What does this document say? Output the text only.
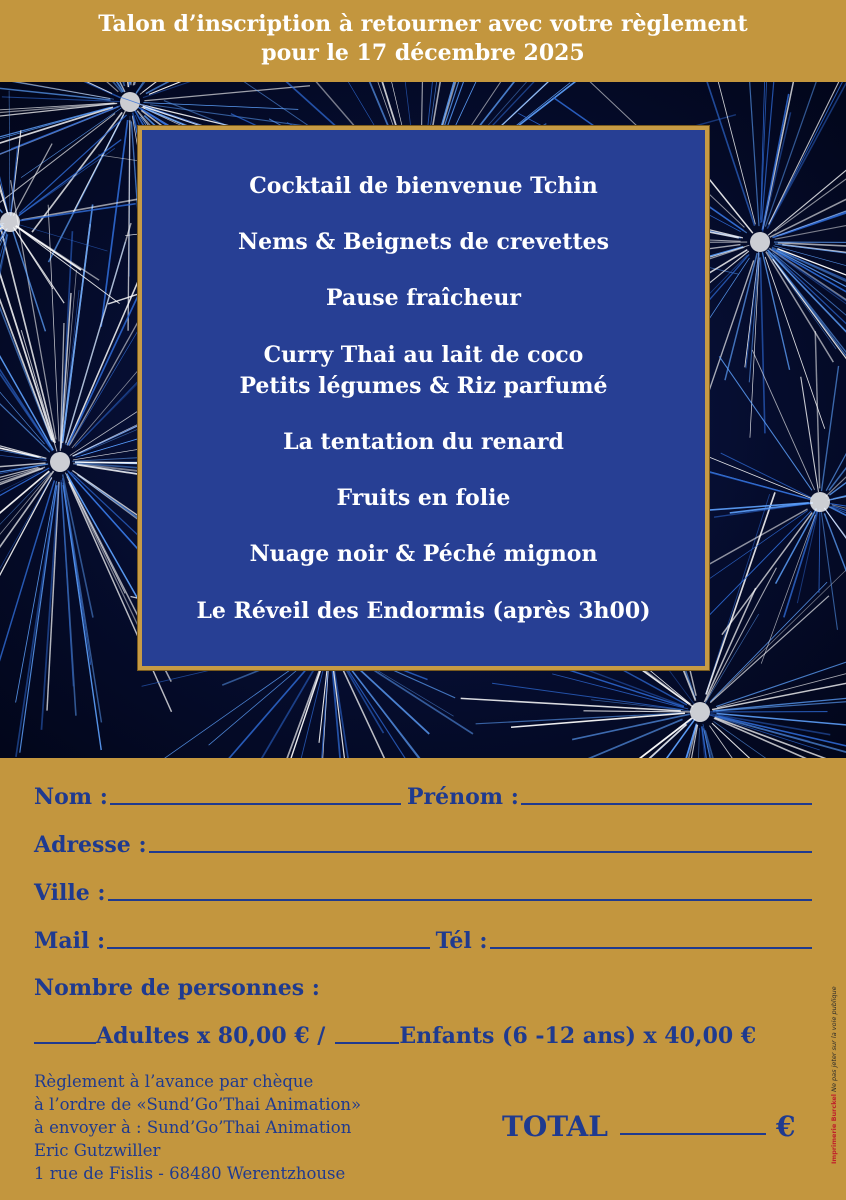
Talon d’inscription à retourner avec votre règlement
pour le 17 décembre 2025
Cocktail de bienvenue Tchin
Nems & Beignets de crevettes
Pause fraîcheur
Curry Thai au lait de coco
Petits légumes & Riz parfumé
La tentation du renard
Fruits en folie
Nuage noir & Péché mignon
Le Réveil des Endormis (après 3h00)
Nom :	Prénom :
Adresse :
Ville :
Mail :	Tél :
Nombre de personnes :
Adultes x 80,00 € /	Enfants (6 -12 ans) x 40,00 €
Règlement à l’avance par chèque
à l’ordre de «Sund’Go’Thai Animation»
à envoyer à : Sund’Go’Thai Animation
Eric Gutzwiller
1 rue de Fislis - 68480 Werentzhouse
TOTAL	€	Imprimerie Burckel Ne pas jeter sur la voie publique
